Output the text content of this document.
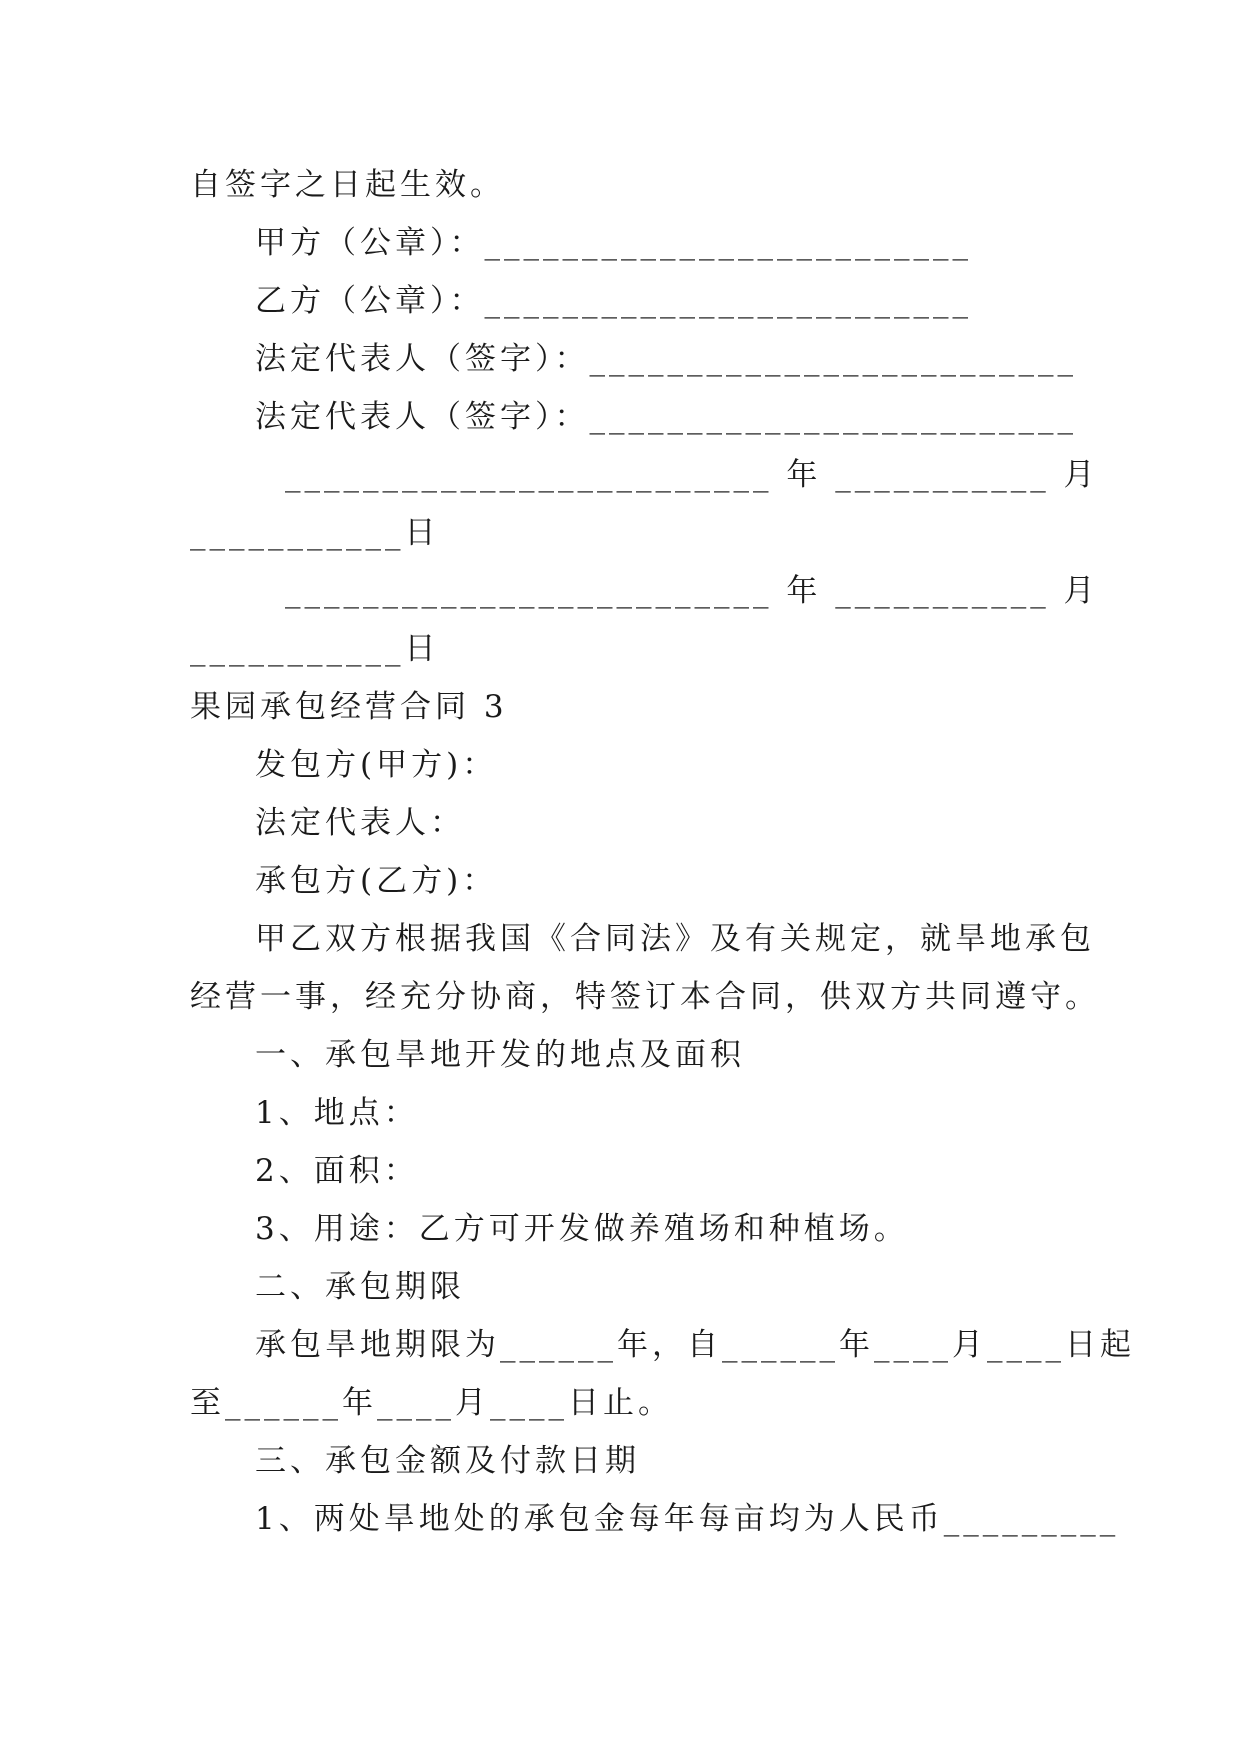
自签字之日起生效。
甲方（公章）：_________________________
乙方（公章）：_________________________
法定代表人（签字）：_________________________
法定代表人（签字）：_________________________
_________________________ 年 ___________ 月
___________日
_________________________ 年 ___________ 月
___________日
果园承包经营合同 3
发包方(甲方)：
法定代表人：
承包方(乙方)：
甲乙双方根据我国《合同法》及有关规定，就旱地承包
经营一事，经充分协商，特签订本合同，供双方共同遵守。
一、承包旱地开发的地点及面积
1、地点：
2、面积：
3、用途：乙方可开发做养殖场和种植场。
二、承包期限
承包旱地期限为______年，自______年____月____日起
至______年____月____日止。
三、承包金额及付款日期
1、两处旱地处的承包金每年每亩均为人民币_________
